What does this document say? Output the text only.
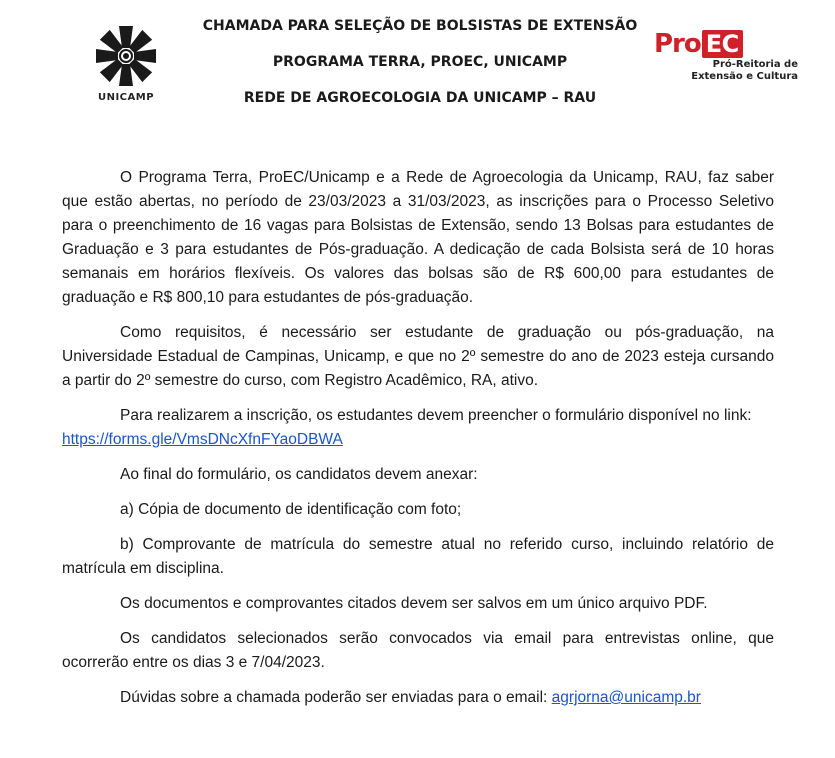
UNICAMP
CHAMADA PARA SELEÇÃO DE BOLSISTAS DE EXTENSÃO
PROGRAMA TERRA, PROEC, UNICAMP
REDE DE AGROECOLOGIA DA UNICAMP – RAU
Pro EC
Pró-Reitoria de
Extensão e Cultura

O Programa Terra, ProEC/Unicamp e a Rede de Agroecologia da Unicamp, RAU, faz saber que estão abertas, no período de 23/03/2023 a 31/03/2023, as inscrições para o Processo Seletivo para o preenchimento de 16 vagas para Bolsistas de Extensão, sendo 13 Bolsas para estudantes de Graduação e 3 para estudantes de Pós-graduação. A dedicação de cada Bolsista será de 10 horas semanais em horários flexíveis. Os valores das bolsas são de R$ 600,00 para estudantes de graduação e R$ 800,10 para estudantes de pós-graduação.

Como requisitos, é necessário ser estudante de graduação ou pós-graduação, na Universidade Estadual de Campinas, Unicamp, e que no 2º semestre do ano de 2023 esteja cursando a partir do 2º semestre do curso, com Registro Acadêmico, RA, ativo.

Para realizarem a inscrição, os estudantes devem preencher o formulário disponível no link: https://forms.gle/VmsDNcXfnFYaoDBWA

Ao final do formulário, os candidatos devem anexar:

a) Cópia de documento de identificação com foto;

b) Comprovante de matrícula do semestre atual no referido curso, incluindo relatório de matrícula em disciplina.

Os documentos e comprovantes citados devem ser salvos em um único arquivo PDF.

Os candidatos selecionados serão convocados via email para entrevistas online, que ocorrerão entre os dias 3 e 7/04/2023.

Dúvidas sobre a chamada poderão ser enviadas para o email: agrjorna@unicamp.br
